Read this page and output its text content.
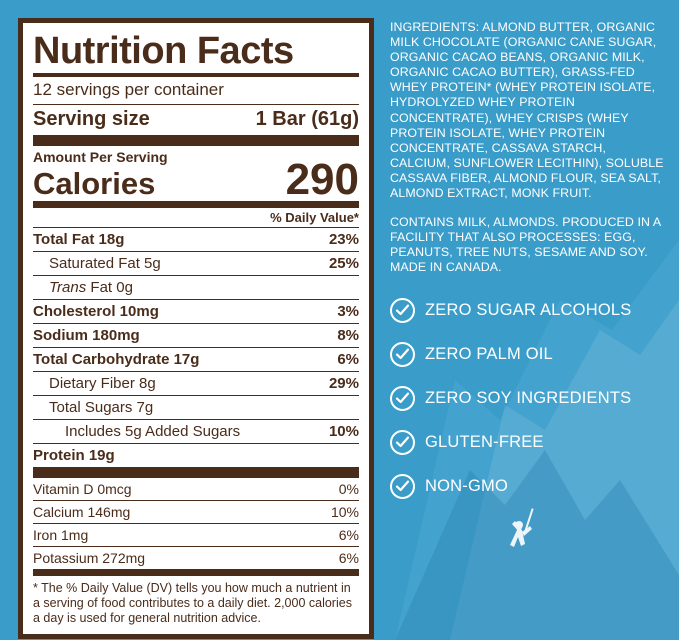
Nutrition Facts
12 servings per container
Serving size	1 Bar (61g)
Amount Per Serving
Calories	290
% Daily Value*
Total Fat 18g	23%
Saturated Fat 5g	25%
Trans Fat 0g
Cholesterol 10mg	3%
Sodium 180mg	8%
Total Carbohydrate 17g	6%
Dietary Fiber 8g	29%
Total Sugars 7g
Includes 5g Added Sugars	10%
Protein 19g
Vitamin D 0mcg	0%
Calcium 146mg	10%
Iron 1mg	6%
Potassium 272mg	6%
* The % Daily Value (DV) tells you how much a nutrient in a serving of food contributes to a daily diet. 2,000 calories a day is used for general nutrition advice.
INGREDIENTS: ALMOND BUTTER, ORGANIC MILK CHOCOLATE (ORGANIC CANE SUGAR, ORGANIC CACAO BEANS, ORGANIC MILK, ORGANIC CACAO BUTTER), GRASS-FED WHEY PROTEIN* (WHEY PROTEIN ISOLATE, HYDROLYZED WHEY PROTEIN CONCENTRATE), WHEY CRISPS (WHEY PROTEIN ISOLATE, WHEY PROTEIN CONCENTRATE, CASSAVA STARCH, CALCIUM, SUNFLOWER LECITHIN), SOLUBLE CASSAVA FIBER, ALMOND FLOUR, SEA SALT, ALMOND EXTRACT, MONK FRUIT.
CONTAINS MILK, ALMONDS. PRODUCED IN A FACILITY THAT ALSO PROCESSES: EGG, PEANUTS, TREE NUTS, SESAME AND SOY.
MADE IN CANADA.
ZERO SUGAR ALCOHOLS
ZERO PALM OIL
ZERO SOY INGREDIENTS
GLUTEN-FREE
NON-GMO
